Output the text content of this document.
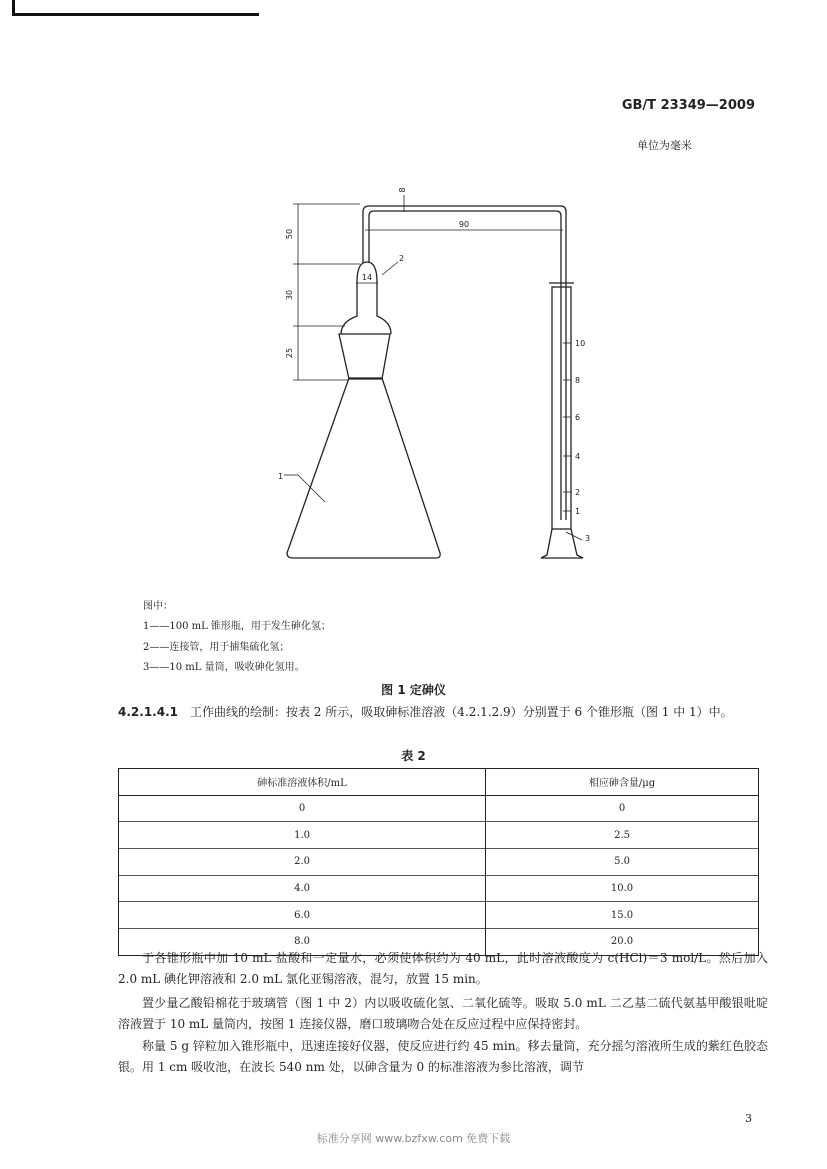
GB/T 23349—2009
单位为毫米
8
90
50
30
25
14
1
2
3
10
8
6
4
2
1
图中：
1——100 mL 锥形瓶，用于发生砷化氢；
2——连接管，用于捕集硫化氢；
3——10 mL 量筒，吸收砷化氢用。
图 1 定砷仪
4.2.1.4.1 工作曲线的绘制：按表 2 所示，吸取砷标准溶液（4.2.1.2.9）分别置于 6 个锥形瓶（图 1 中 1）中。
表 2
砷标准溶液体积/mL	相应砷含量/μg
0	0
1.0	2.5
2.0	5.0
4.0	10.0
6.0	15.0
8.0	20.0
于各锥形瓶中加 10 mL 盐酸和一定量水，必须使体积约为 40 mL，此时溶液酸度为 c(HCl)＝3 mol/L。然后加入 2.0 mL 碘化钾溶液和 2.0 mL 氯化亚锡溶液，混匀，放置 15 min。
置少量乙酸铅棉花于玻璃管（图 1 中 2）内以吸收硫化氢、二氧化硫等。吸取 5.0 mL 二乙基二硫代氨基甲酸银吡啶溶液置于 10 mL 量筒内，按图 1 连接仪器，磨口玻璃吻合处在反应过程中应保持密封。
称量 5 g 锌粒加入锥形瓶中，迅速连接好仪器，使反应进行约 45 min。移去量筒，充分摇匀溶液所生成的紫红色胶态银。用 1 cm 吸收池，在波长 540 nm 处，以砷含量为 0 的标准溶液为参比溶液，调节
3
标准分享网 www.bzfxw.com 免费下载
